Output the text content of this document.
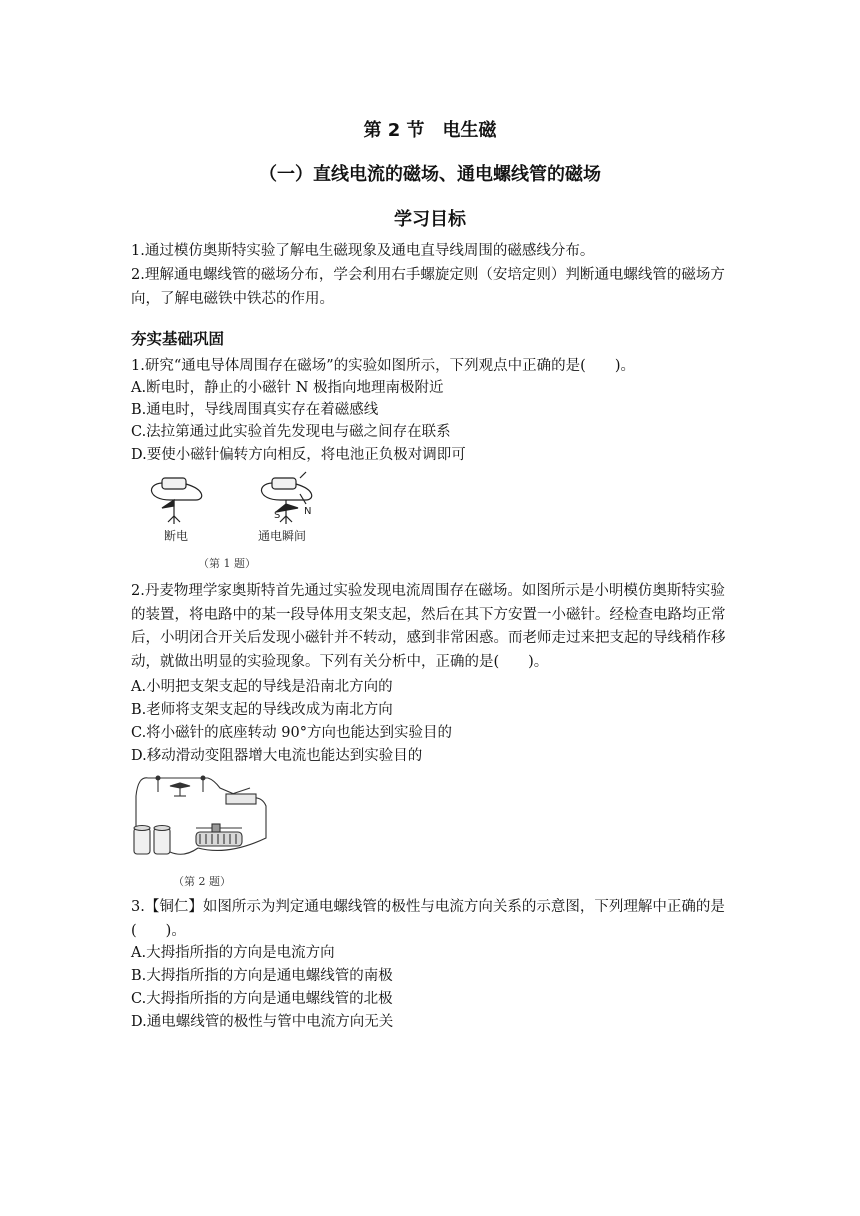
第 2 节　电生磁
（一）直线电流的磁场、通电螺线管的磁场
学习目标
1.通过模仿奥斯特实验了解电生磁现象及通电直导线周围的磁感线分布。
2.理解通电螺线管的磁场分布，学会利用右手螺旋定则（安培定则）判断通电螺线管的磁场方向，了解电磁铁中铁芯的作用。
夯实基础巩固
1.研究“通电导体周围存在磁场”的实验如图所示，下列观点中正确的是(　　)。
A.断电时，静止的小磁针 N 极指向地理南极附近
B.通电时，导线周围真实存在着磁感线
C.法拉第通过此实验首先发现电与磁之间存在联系
D.要使小磁针偏转方向相反，将电池正负极对调即可
S N
断电	通电瞬间
（第 1 题）
2.丹麦物理学家奥斯特首先通过实验发现电流周围存在磁场。如图所示是小明模仿奥斯特实验的装置，将电路中的某一段导体用支架支起，然后在其下方安置一小磁针。经检查电路均正常后，小明闭合开关后发现小磁针并不转动，感到非常困惑。而老师走过来把支起的导线稍作移动，就做出明显的实验现象。下列有关分析中，正确的是(　　)。
A.小明把支架支起的导线是沿南北方向的
B.老师将支架支起的导线改成为南北方向
C.将小磁针的底座转动 90°方向也能达到实验目的
D.移动滑动变阻器增大电流也能达到实验目的
（第 2 题）
3.【铜仁】如图所示为判定通电螺线管的极性与电流方向关系的示意图，下列理解中正确的是(　　)。
A.大拇指所指的方向是电流方向
B.大拇指所指的方向是通电螺线管的南极
C.大拇指所指的方向是通电螺线管的北极
D.通电螺线管的极性与管中电流方向无关
